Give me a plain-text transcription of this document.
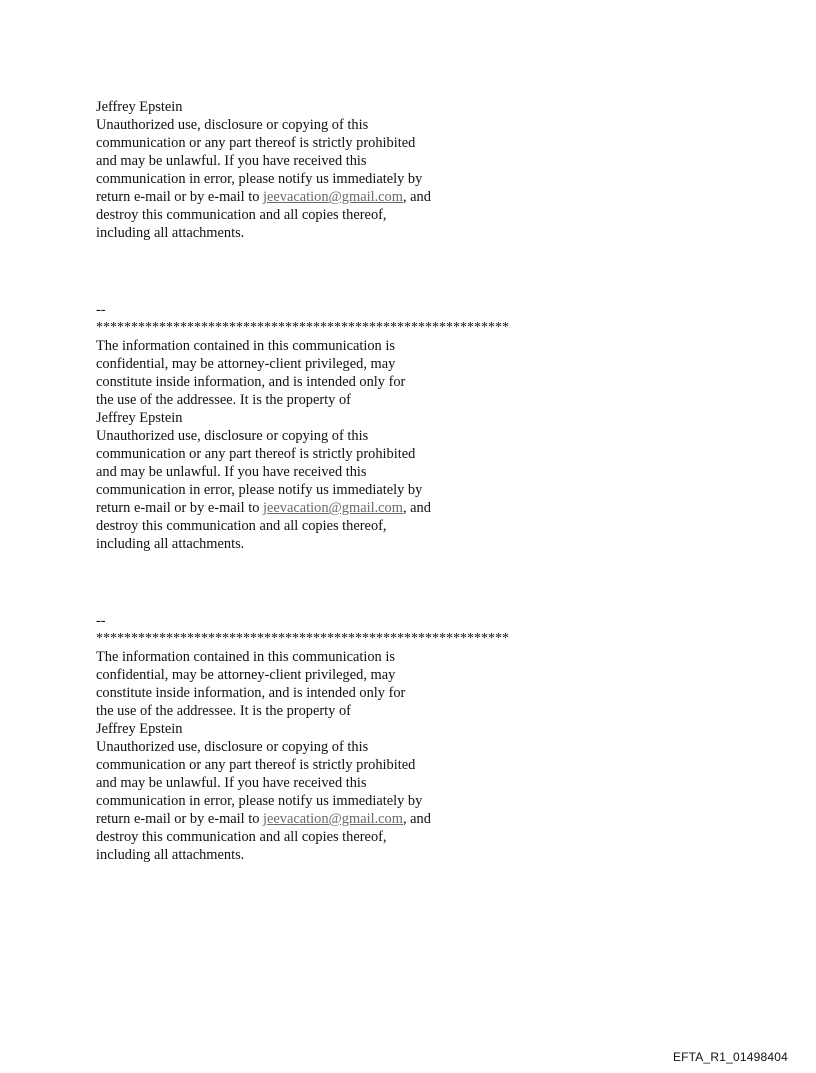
Jeffrey Epstein
Unauthorized use, disclosure or copying of this
communication or any part thereof is strictly prohibited
and may be unlawful. If you have received this
communication in error, please notify us immediately by
return e-mail or by e-mail to jeevacation@gmail.com, and
destroy this communication and all copies thereof,
including all attachments.
--
***********************************************************
The information contained in this communication is
confidential, may be attorney-client privileged, may
constitute inside information, and is intended only for
the use of the addressee. It is the property of
Jeffrey Epstein
Unauthorized use, disclosure or copying of this
communication or any part thereof is strictly prohibited
and may be unlawful. If you have received this
communication in error, please notify us immediately by
return e-mail or by e-mail to jeevacation@gmail.com, and
destroy this communication and all copies thereof,
including all attachments.
--
***********************************************************
The information contained in this communication is
confidential, may be attorney-client privileged, may
constitute inside information, and is intended only for
the use of the addressee. It is the property of
Jeffrey Epstein
Unauthorized use, disclosure or copying of this
communication or any part thereof is strictly prohibited
and may be unlawful. If you have received this
communication in error, please notify us immediately by
return e-mail or by e-mail to jeevacation@gmail.com, and
destroy this communication and all copies thereof,
including all attachments.
EFTA_R1_01498404
